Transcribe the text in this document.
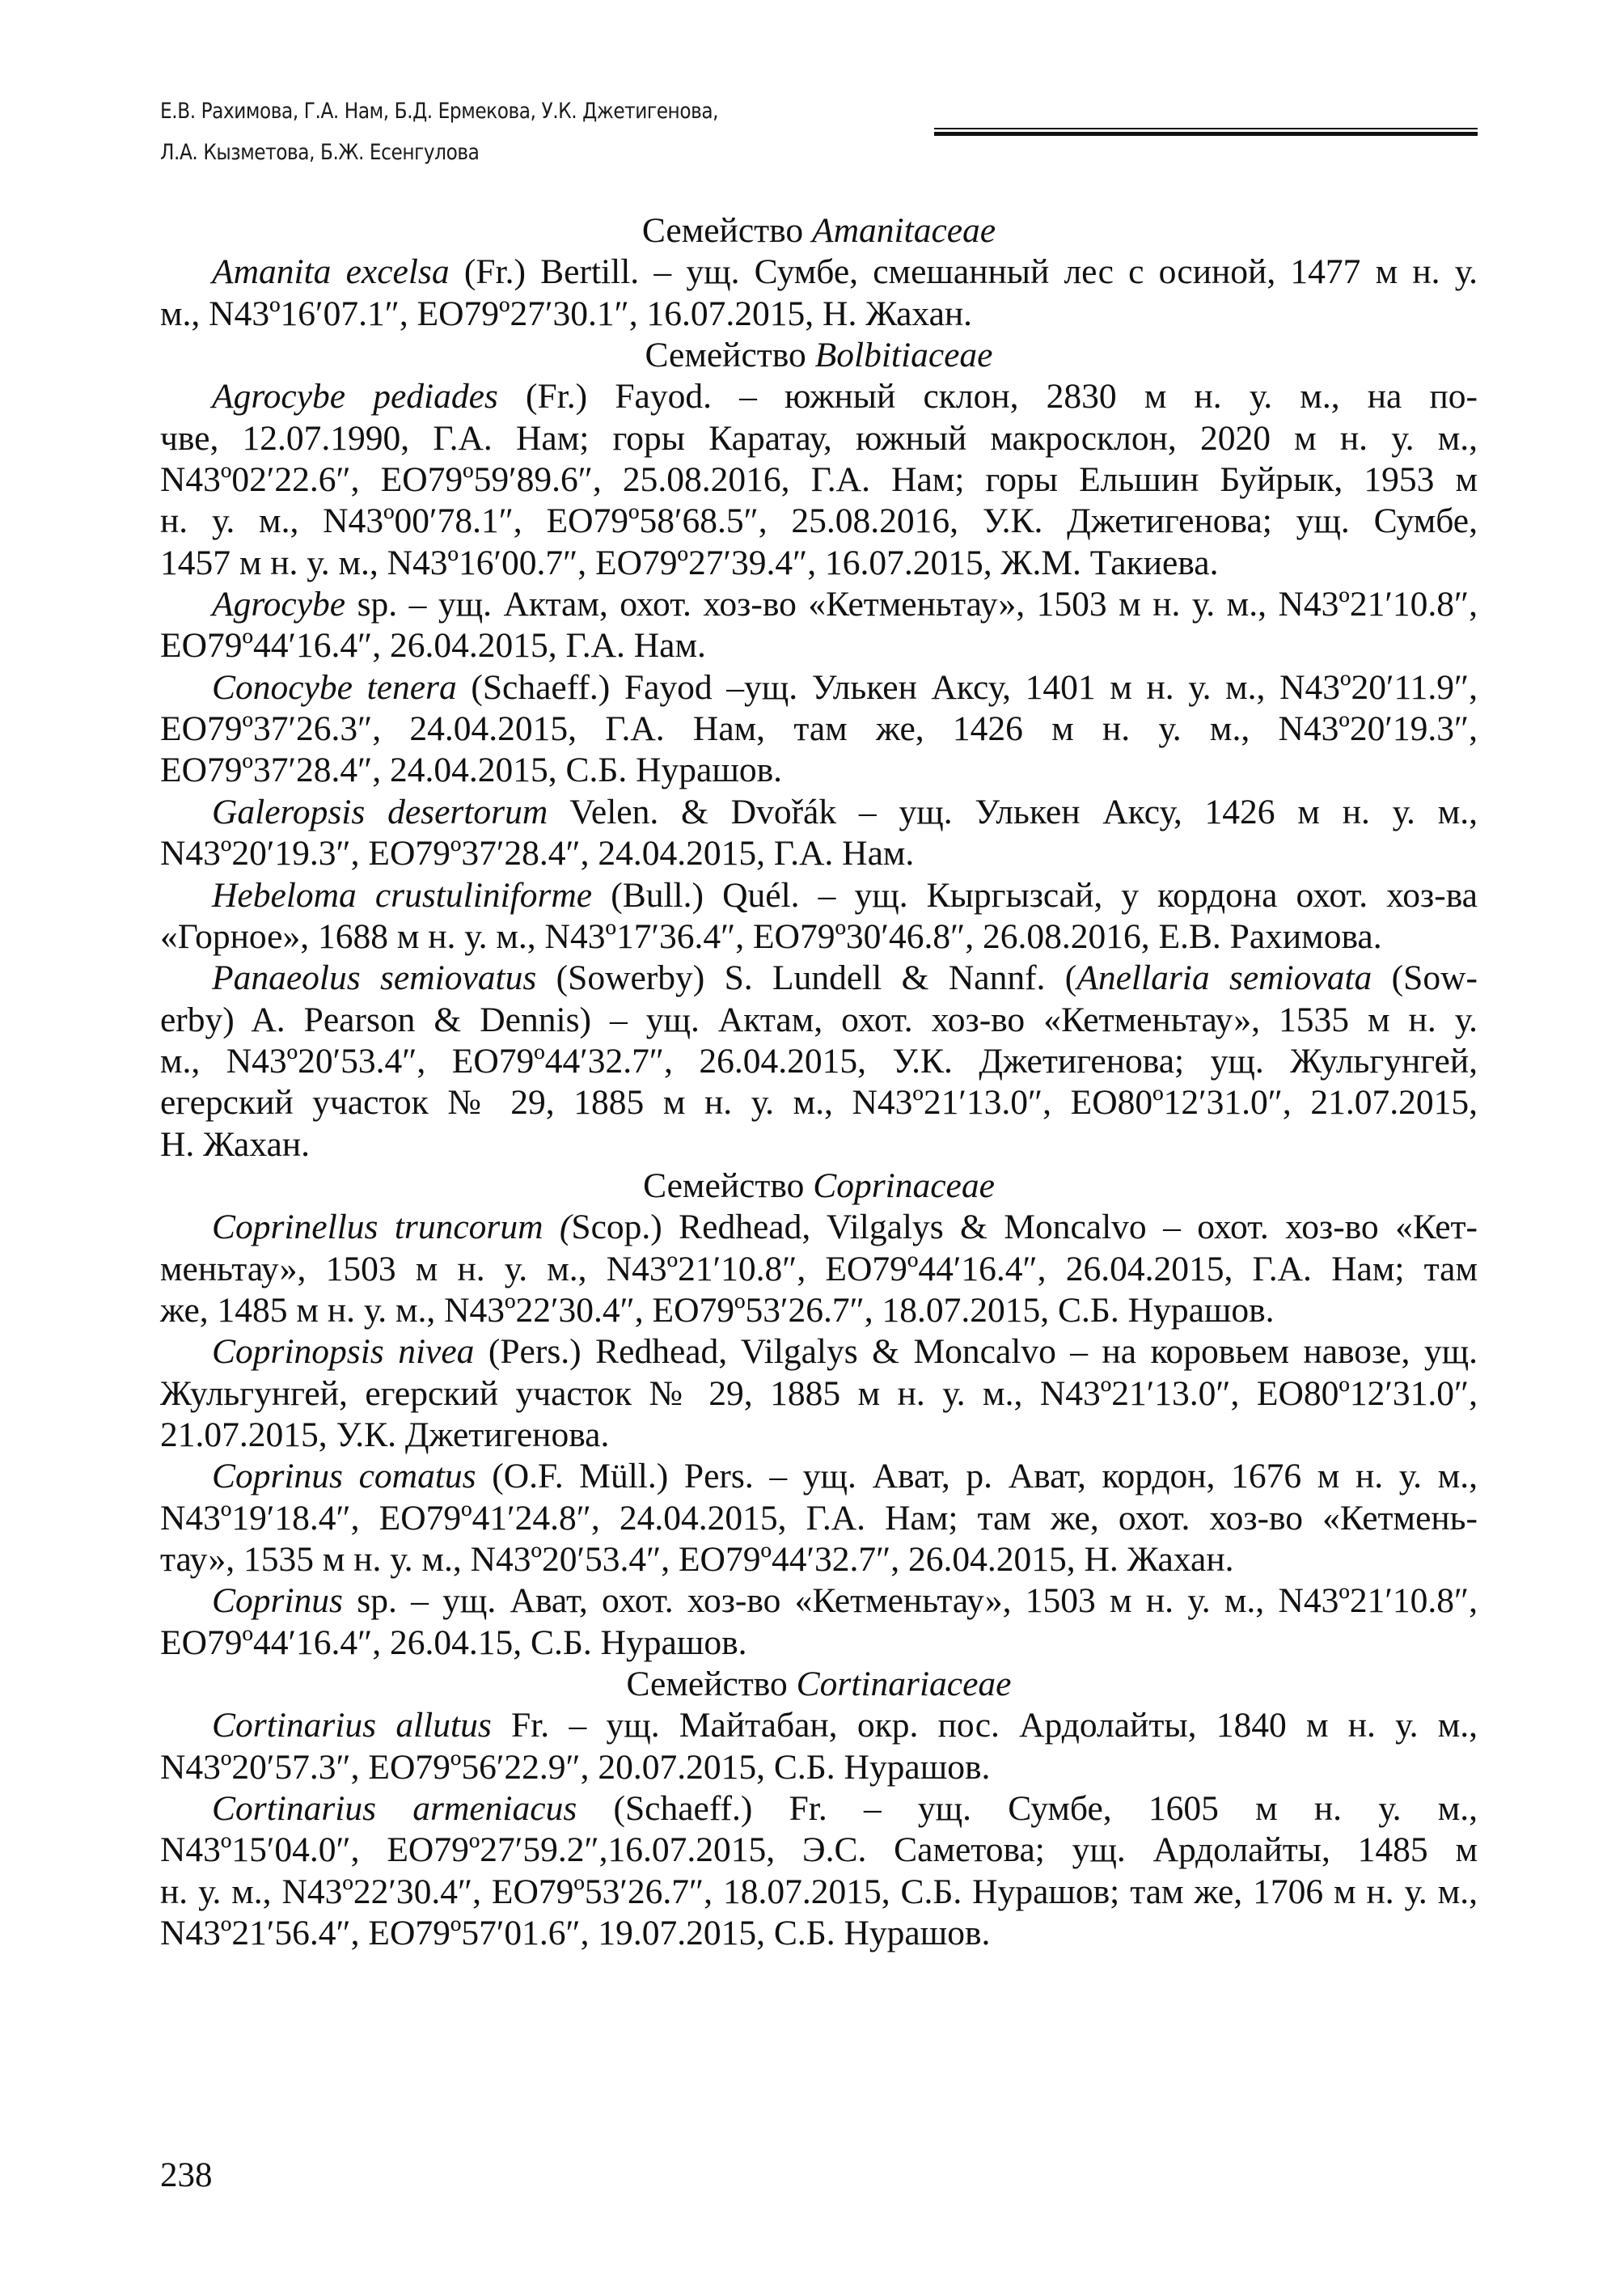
Е.В. Рахимова, Г.А. Нам, Б.Д. Ермекова, У.К. Джетигенова,
Л.А. Кызметова, Б.Ж. Есенгулова
Семейство Amanitaceae
Amanita excelsa (Fr.) Bertill. – ущ. Сумбе, смешанный лес с осиной, 1477 м н. у.
м., N43º16′07.1″, ЕО79º27′30.1″, 16.07.2015, Н. Жахан.
Семейство Bolbitiaceae
Agrocybe pediades (Fr.) Fayod. – южный склон, 2830 м н. у. м., на по-
чве, 12.07.1990, Г.А. Нам; горы Каратау, южный макросклон, 2020 м н. у. м.,
N43º02′22.6″, ЕО79º59′89.6″, 25.08.2016, Г.А. Нам; горы Ельшин Буйрык, 1953 м
н. у. м., N43º00′78.1″, ЕО79º58′68.5″, 25.08.2016, У.К. Джетигенова; ущ. Сумбе,
1457 м н. у. м., N43º16′00.7″, ЕО79º27′39.4″, 16.07.2015, Ж.М. Такиева.
Agrocybe sp. – ущ. Актам, охот. хоз-во «Кетменьтау», 1503 м н. у. м., N43º21′10.8″,
ЕО79º44′16.4″, 26.04.2015, Г.А. Нам.
Conocybe tenera (Schaeff.) Fayod –ущ. Улькен Аксу, 1401 м н. у. м., N43º20′11.9″,
ЕО79º37′26.3″, 24.04.2015, Г.А. Нам, там же, 1426 м н. у. м., N43º20′19.3″,
ЕО79º37′28.4″, 24.04.2015, С.Б. Нурашов.
Galeropsis desertorum Velen. & Dvořák – ущ. Улькен Аксу, 1426 м н. у. м.,
N43º20′19.3″, ЕО79º37′28.4″, 24.04.2015, Г.А. Нам.
Hebeloma crustuliniforme (Bull.) Quél. – ущ. Кыргызсай, у кордона охот. хоз-ва
«Горное», 1688 м н. у. м., N43º17′36.4″, ЕО79º30′46.8″, 26.08.2016, Е.В. Рахимова.
Panaeolus semiovatus (Sowerby) S. Lundell & Nannf. (Anellaria semiovata (Sow-
erby) A. Pearson & Dennis) – ущ. Актам, охот. хоз-во «Кетменьтау», 1535 м н. у.
м., N43º20′53.4″, ЕО79º44′32.7″, 26.04.2015, У.К. Джетигенова; ущ. Жульгунгей,
егерский участок № 29, 1885 м н. у. м., N43º21′13.0″, ЕО80º12′31.0″, 21.07.2015,
Н. Жахан.
Семейство Coprinaceae
Coprinellus truncorum (Scop.) Redhead, Vilgalys & Moncalvo – охот. хоз-во «Кет-
меньтау», 1503 м н. у. м., N43º21′10.8″, ЕО79º44′16.4″, 26.04.2015, Г.А. Нам; там
же, 1485 м н. у. м., N43º22′30.4″, ЕО79º53′26.7″, 18.07.2015, С.Б. Нурашов.
Coprinopsis nivea (Pers.) Redhead, Vilgalys & Moncalvo – на коровьем навозе, ущ.
Жульгунгей, егерский участок № 29, 1885 м н. у. м., N43º21′13.0″, ЕО80º12′31.0″,
21.07.2015, У.К. Джетигенова.
Coprinus comatus (O.F. Müll.) Pers. – ущ. Ават, р. Ават, кордон, 1676 м н. у. м.,
N43º19′18.4″, ЕО79º41′24.8″, 24.04.2015, Г.А. Нам; там же, охот. хоз-во «Кетмень-
тау», 1535 м н. у. м., N43º20′53.4″, ЕО79º44′32.7″, 26.04.2015, Н. Жахан.
Coprinus sp. – ущ. Ават, охот. хоз-во «Кетменьтау», 1503 м н. у. м., N43º21′10.8″,
ЕО79º44′16.4″, 26.04.15, С.Б. Нурашов.
Семейство Cortinariaceae
Cortinarius allutus Fr. – ущ. Майтабан, окр. пос. Ардолайты, 1840 м н. у. м.,
N43º20′57.3″, ЕО79º56′22.9″, 20.07.2015, С.Б. Нурашов.
Cortinarius armeniacus (Schaeff.) Fr. – ущ. Сумбе, 1605 м н. у. м.,
N43º15′04.0″, ЕО79º27′59.2″,16.07.2015, Э.С. Саметова; ущ. Ардолайты, 1485 м
н. у. м., N43º22′30.4″, ЕО79º53′26.7″, 18.07.2015, С.Б. Нурашов; там же, 1706 м н. у. м.,
N43º21′56.4″, ЕО79º57′01.6″, 19.07.2015, С.Б. Нурашов.
238
